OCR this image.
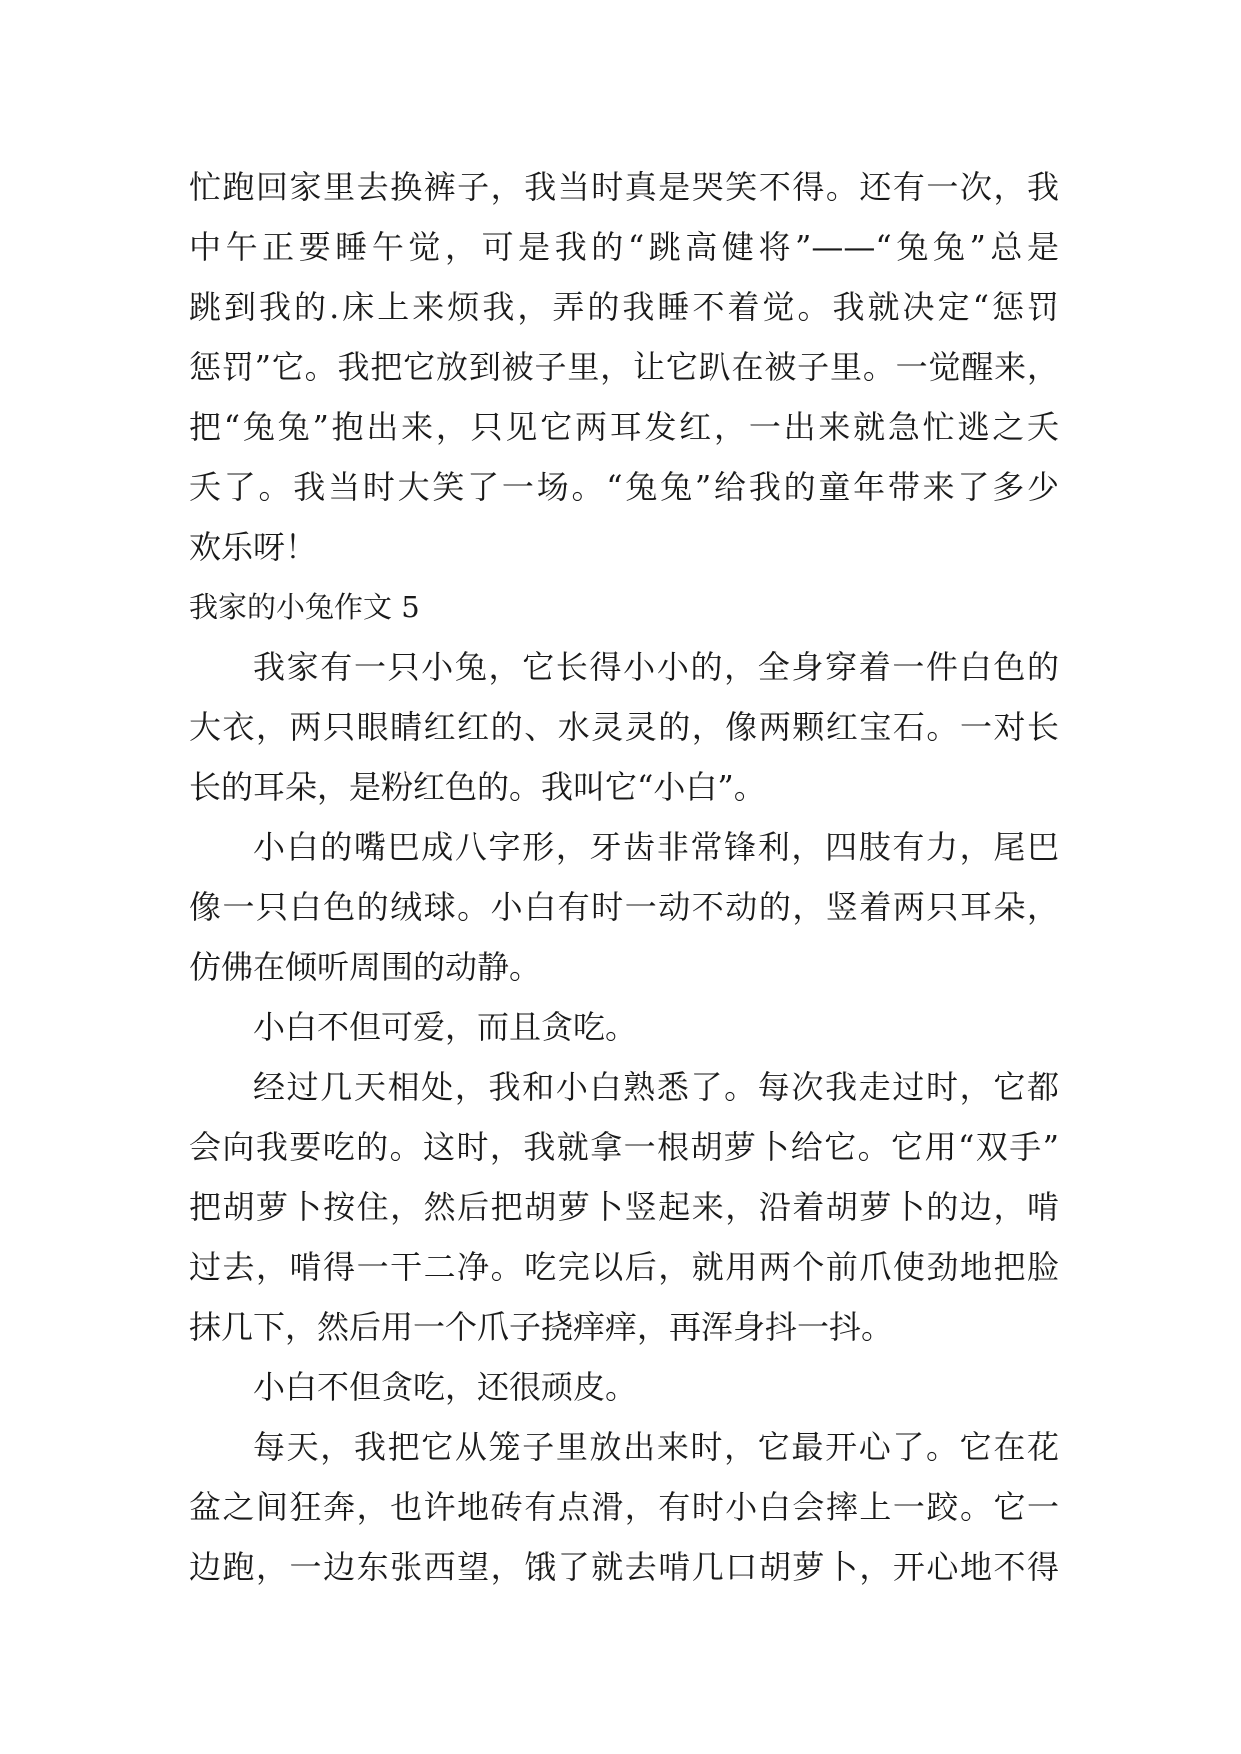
忙跑回家里去换裤子，我当时真是哭笑不得。还有一次，我
中午正要睡午觉，可是我的“跳高健将”——“兔兔”总是
跳到我的.床上来烦我，弄的我睡不着觉。我就决定“惩罚
惩罚”它。我把它放到被子里，让它趴在被子里。一觉醒来，
把“兔兔”抱出来，只见它两耳发红，一出来就急忙逃之夭
夭了。我当时大笑了一场。“兔兔”给我的童年带来了多少
欢乐呀！
我家的小兔作文 5
我家有一只小兔，它长得小小的，全身穿着一件白色的
大衣，两只眼睛红红的、水灵灵的，像两颗红宝石。一对长
长的耳朵，是粉红色的。我叫它“小白”。
小白的嘴巴成八字形，牙齿非常锋利，四肢有力，尾巴
像一只白色的绒球。小白有时一动不动的，竖着两只耳朵，
仿佛在倾听周围的动静。
小白不但可爱，而且贪吃。
经过几天相处，我和小白熟悉了。每次我走过时，它都
会向我要吃的。这时，我就拿一根胡萝卜给它。它用“双手”
把胡萝卜按住，然后把胡萝卜竖起来，沿着胡萝卜的边，啃
过去，啃得一干二净。吃完以后，就用两个前爪使劲地把脸
抹几下，然后用一个爪子挠痒痒，再浑身抖一抖。
小白不但贪吃，还很顽皮。
每天，我把它从笼子里放出来时，它最开心了。它在花
盆之间狂奔，也许地砖有点滑，有时小白会摔上一跤。它一
边跑，一边东张西望，饿了就去啃几口胡萝卜，开心地不得
